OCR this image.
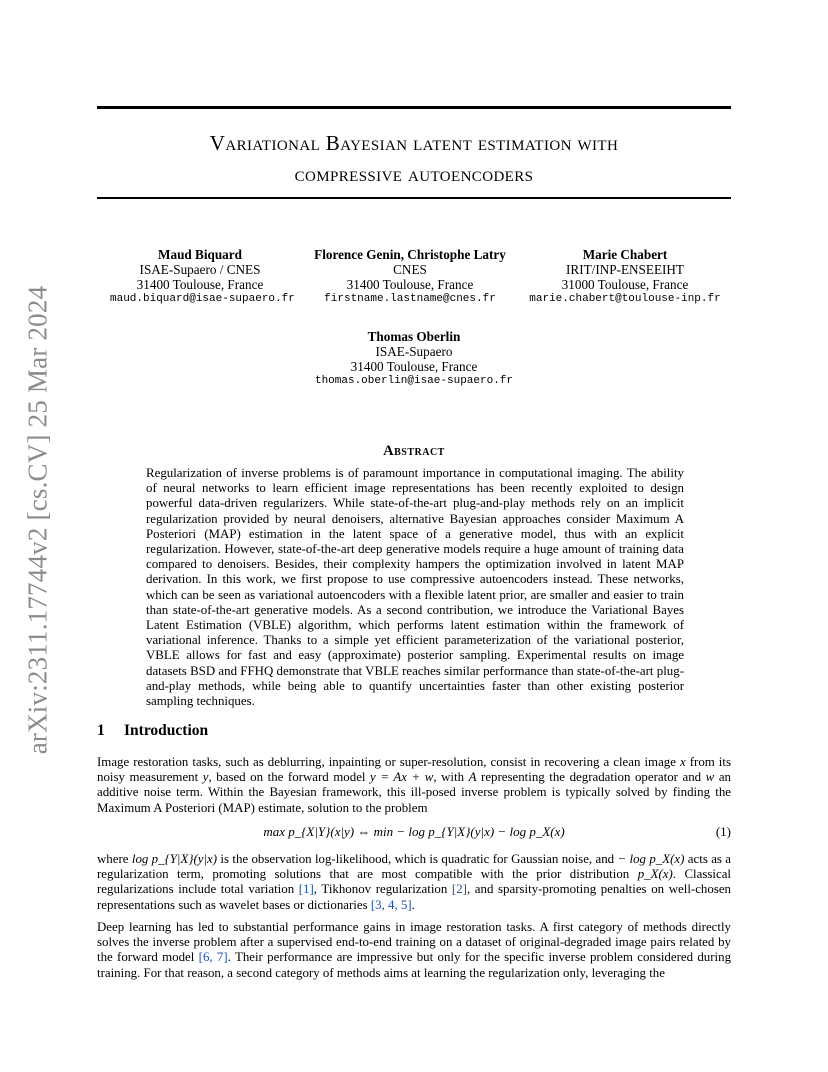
arXiv:2311.17744v2 [cs.CV] 25 Mar 2024
Variational Bayesian latent estimation with
compressive autoencoders
Maud Biquard
ISAE-Supaero / CNES
31400 Toulouse, France
maud.biquard@isae-supaero.fr
Florence Genin, Christophe Latry
CNES
31400 Toulouse, France
firstname.lastname@cnes.fr
Marie Chabert
IRIT/INP-ENSEEIHT
31000 Toulouse, France
marie.chabert@toulouse-inp.fr
Thomas Oberlin
ISAE-Supaero
31400 Toulouse, France
thomas.oberlin@isae-supaero.fr
Abstract
Regularization of inverse problems is of paramount importance in computational imaging. The ability of neural networks to learn efficient image representations has been recently exploited to design powerful data-driven regularizers. While state-of-the-art plug-and-play methods rely on an implicit regularization provided by neural denoisers, alternative Bayesian approaches consider Maximum A Posteriori (MAP) estimation in the latent space of a generative model, thus with an explicit regularization. However, state-of-the-art deep generative models require a huge amount of training data compared to denoisers. Besides, their complexity hampers the optimization involved in latent MAP derivation. In this work, we first propose to use compressive autoencoders instead. These networks, which can be seen as variational autoencoders with a flexible latent prior, are smaller and easier to train than state-of-the-art generative models. As a second contribution, we introduce the Variational Bayes Latent Estimation (VBLE) algorithm, which performs latent estimation within the framework of variational inference. Thanks to a simple yet efficient parameterization of the variational posterior, VBLE allows for fast and easy (approximate) posterior sampling. Experimental results on image datasets BSD and FFHQ demonstrate that VBLE reaches similar performance than state-of-the-art plug-and-play methods, while being able to quantify uncertainties faster than other existing posterior sampling techniques.
1 Introduction
Image restoration tasks, such as deblurring, inpainting or super-resolution, consist in recovering a clean image x from its noisy measurement y, based on the forward model y = Ax + w, with A representing the degradation operator and w an additive noise term. Within the Bayesian framework, this ill-posed inverse problem is typically solved by finding the Maximum A Posteriori (MAP) estimate, solution to the problem
max p_{X|Y}(x|y) ⇔ min − log p_{Y|X}(y|x) − log p_X(x)	(1)
where log p_{Y|X}(y|x) is the observation log-likelihood, which is quadratic for Gaussian noise, and − log p_X(x) acts as a regularization term, promoting solutions that are most compatible with the prior distribution p_X(x). Classical regularizations include total variation [1], Tikhonov regularization [2], and sparsity-promoting penalties on well-chosen representations such as wavelet bases or dictionaries [3, 4, 5].
Deep learning has led to substantial performance gains in image restoration tasks. A first category of methods directly solves the inverse problem after a supervised end-to-end training on a dataset of original-degraded image pairs related by the forward model [6, 7]. Their performance are impressive but only for the specific inverse problem considered during training. For that reason, a second category of methods aims at learning the regularization only, leveraging the
